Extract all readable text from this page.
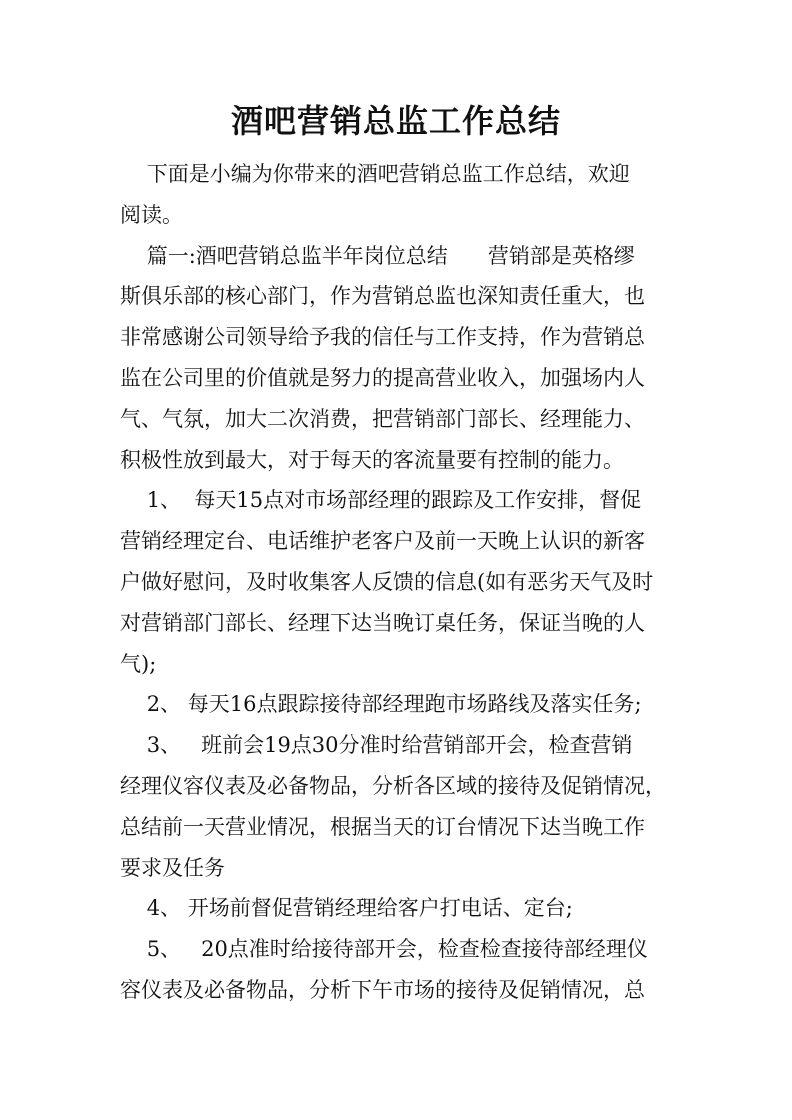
酒吧营销总监工作总结
下面是小编为你带来的酒吧营销总监工作总结，欢迎
阅读。
篇一:酒吧营销总监半年岗位总结      营销部是英格缪
斯俱乐部的核心部门，作为营销总监也深知责任重大，也
非常感谢公司领导给予我的信任与工作支持，作为营销总
监在公司里的价值就是努力的提高营业收入，加强场内人
气、气氛，加大二次消费，把营销部门部长、经理能力、
积极性放到最大，对于每天的客流量要有控制的能力。
1、  每天15点对市场部经理的跟踪及工作安排，督促
营销经理定台、电话维护老客户及前一天晚上认识的新客
户做好慰问，及时收集客人反馈的信息(如有恶劣天气及时
对营销部门部长、经理下达当晚订桌任务，保证当晚的人
气);
2、 每天16点跟踪接待部经理跑市场路线及落实任务;
3、   班前会19点30分准时给营销部开会，检查营销
经理仪容仪表及必备物品，分析各区域的接待及促销情况，
总结前一天营业情况，根据当天的订台情况下达当晚工作
要求及任务
4、 开场前督促营销经理给客户打电话、定台;
5、   20点准时给接待部开会，检查检查接待部经理仪
容仪表及必备物品，分析下午市场的接待及促销情况，总
